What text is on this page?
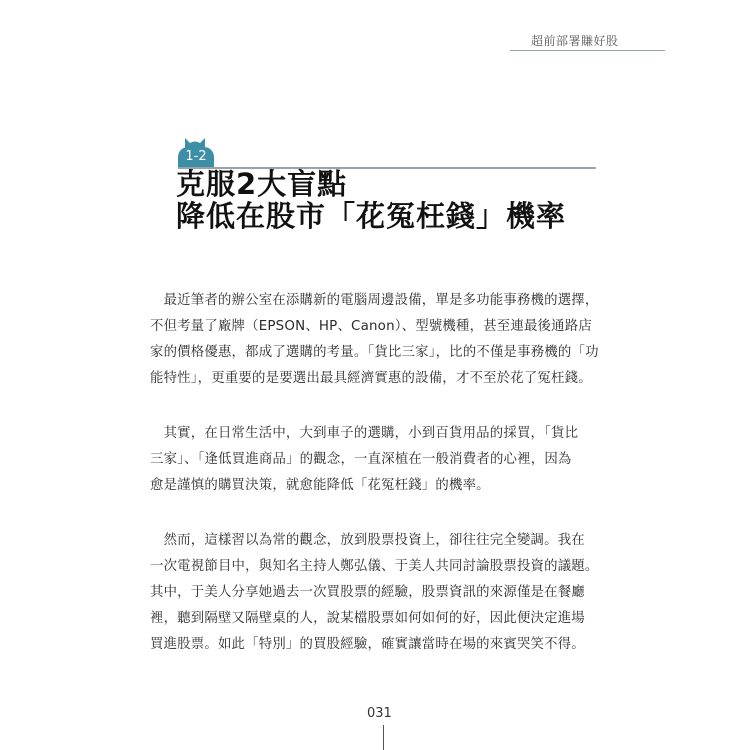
超前部署賺好股
1-2
克服2大盲點
降低在股市「花冤枉錢」機率

　最近筆者的辦公室在添購新的電腦周邊設備，單是多功能事務機的選擇，
不但考量了廠牌（EPSON、HP、Canon）、型號機種，甚至連最後通路店
家的價格優惠，都成了選購的考量。「貨比三家」，比的不僅是事務機的「功
能特性」，更重要的是要選出最具經濟實惠的設備，才不至於花了冤枉錢。

　其實，在日常生活中，大到車子的選購，小到百貨用品的採買，「貨比
三家」、「逢低買進商品」的觀念，一直深植在一般消費者的心裡，因為
愈是謹慎的購買決策，就愈能降低「花冤枉錢」的機率。

　然而，這樣習以為常的觀念，放到股票投資上，卻往往完全變調。我在
一次電視節目中，與知名主持人鄭弘儀、于美人共同討論股票投資的議題。
其中，于美人分享她過去一次買股票的經驗，股票資訊的來源僅是在餐廳
裡，聽到隔壁又隔壁桌的人，說某檔股票如何如何的好，因此便決定進場
買進股票。如此「特別」的買股經驗，確實讓當時在場的來賓哭笑不得。

031
